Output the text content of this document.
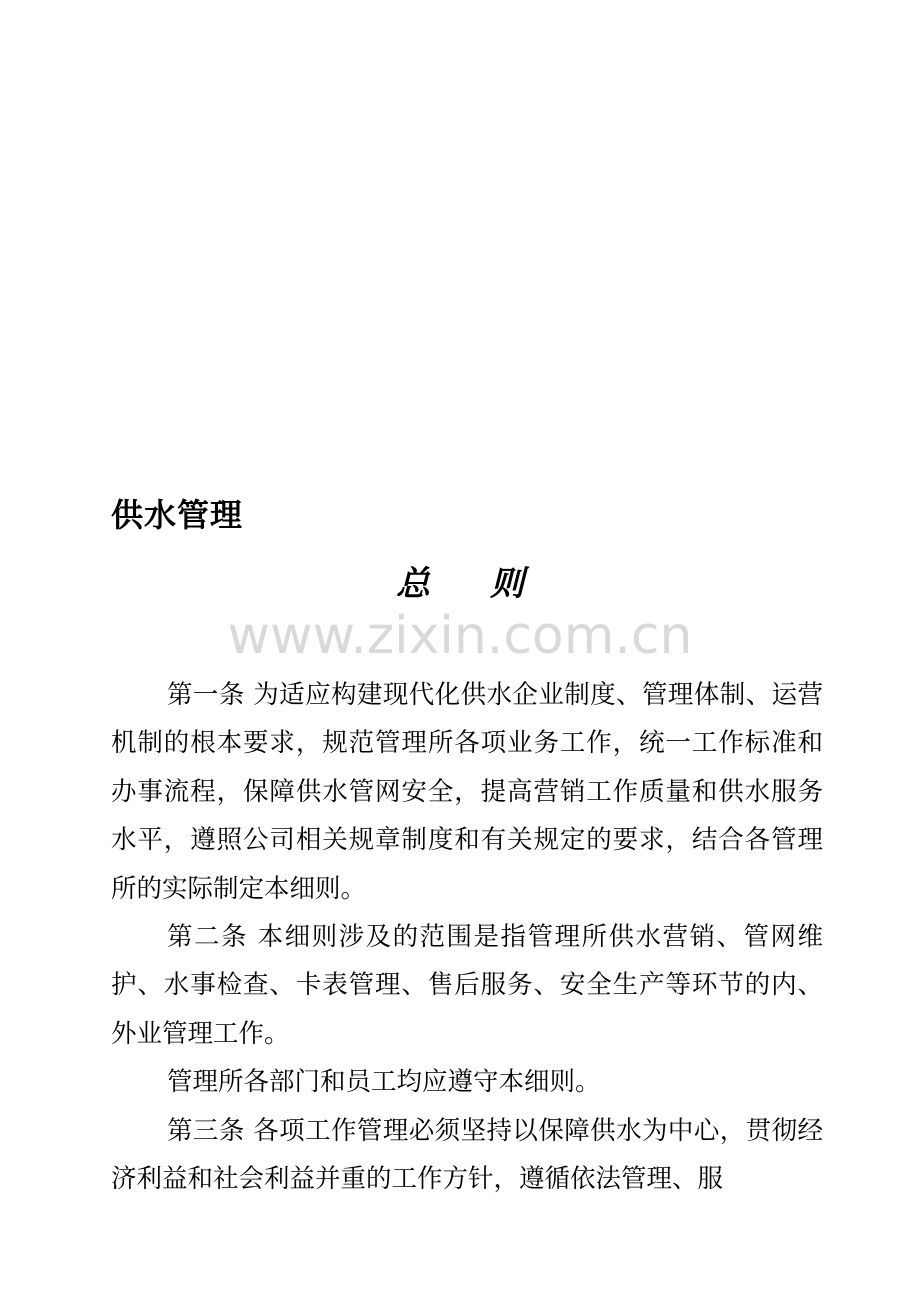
供水管理
总 则
www.zixin.com.cn

第一条 为适应构建现代化供水企业制度、管理体制、运营机制的根本要求，规范管理所各项业务工作，统一工作标准和办事流程，保障供水管网安全，提高营销工作质量和供水服务水平，遵照公司相关规章制度和有关规定的要求，结合各管理所的实际制定本细则。

第二条 本细则涉及的范围是指管理所供水营销、管网维护、水事检查、卡表管理、售后服务、安全生产等环节的内、外业管理工作。

管理所各部门和员工均应遵守本细则。

第三条 各项工作管理必须坚持以保障供水为中心，贯彻经济利益和社会利益并重的工作方针，遵循依法管理、服
